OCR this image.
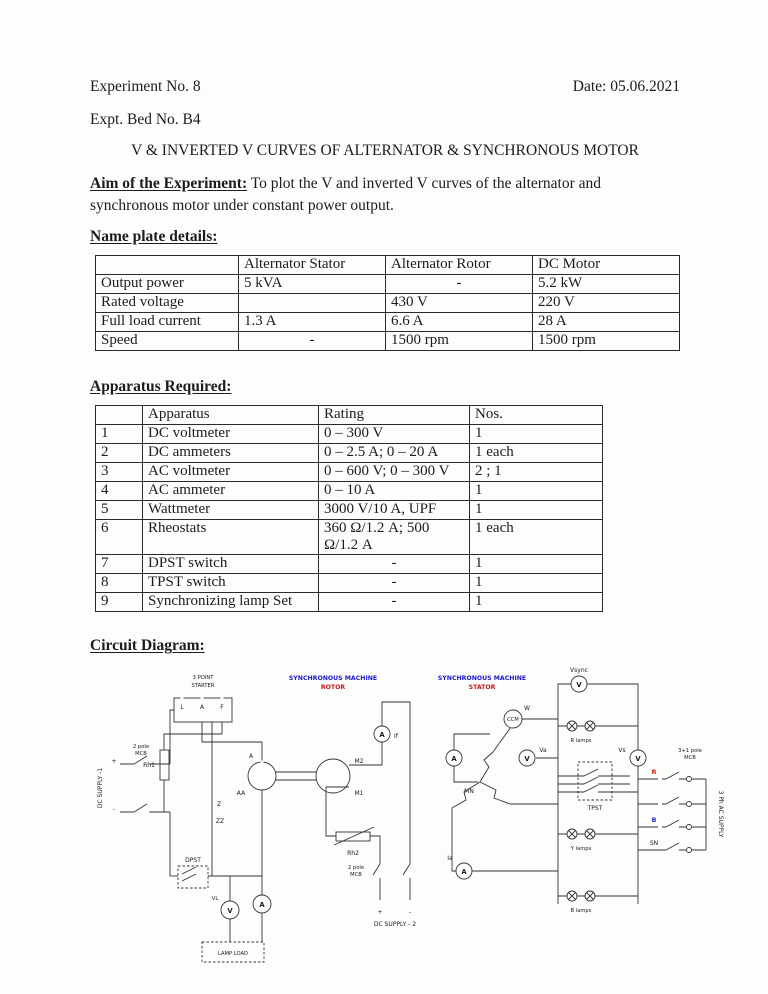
Experiment No. 8	Date: 05.06.2021
Expt. Bed No. B4
V & INVERTED V CURVES OF ALTERNATOR & SYNCHRONOUS MOTOR

Aim of the Experiment: To plot the V and inverted V curves of the alternator and synchronous motor under constant power output.

Name plate details:
	Alternator Stator	Alternator Rotor	DC Motor
Output power	5 kVA	-	5.2 kW
Rated voltage		430 V	220 V
Full load current	1.3 A	6.6 A	28 A
Speed	-	1500 rpm	1500 rpm
Apparatus Required:
	Apparatus	Rating	Nos.
1	DC voltmeter	0 – 300 V	1
2	DC ammeters	0 – 2.5 A; 0 – 20 A	1 each
3	AC voltmeter	0 – 600 V; 0 – 300 V	2 ; 1
4	AC ammeter	0 – 10 A	1
5	Wattmeter	3000 V/10 A, UPF	1
6	Rheostats	360 Ω/1.2 A; 500 Ω/1.2 A	1 each
7	DPST switch	-	1
8	TPST switch	-	1
9	Synchronizing lamp Set	-	1
Circuit Diagram:
DC SUPPLY -1
+
-
2 pole
MCB
3 POINT
STARTER
L	A	F
Rh1
Z
ZZ
A
AA
M2
M1
DPST
VL
V
A
LAMP LOAD
SYNCHRONOUS MACHINE
ROTOR
A If
Rh2
2 pole
MCB
+	-
DC SUPPLY - 2
SYNCHRONOUS MACHINE
STATOR
MN
CCM
W
A
A
Ia
Vsync
V
V
Va
V
Vs
TPST
R lamps
Y lamps
B lamps
3+1 pole
MCB
R
B
SN
3 Ph AC SUPPLY
